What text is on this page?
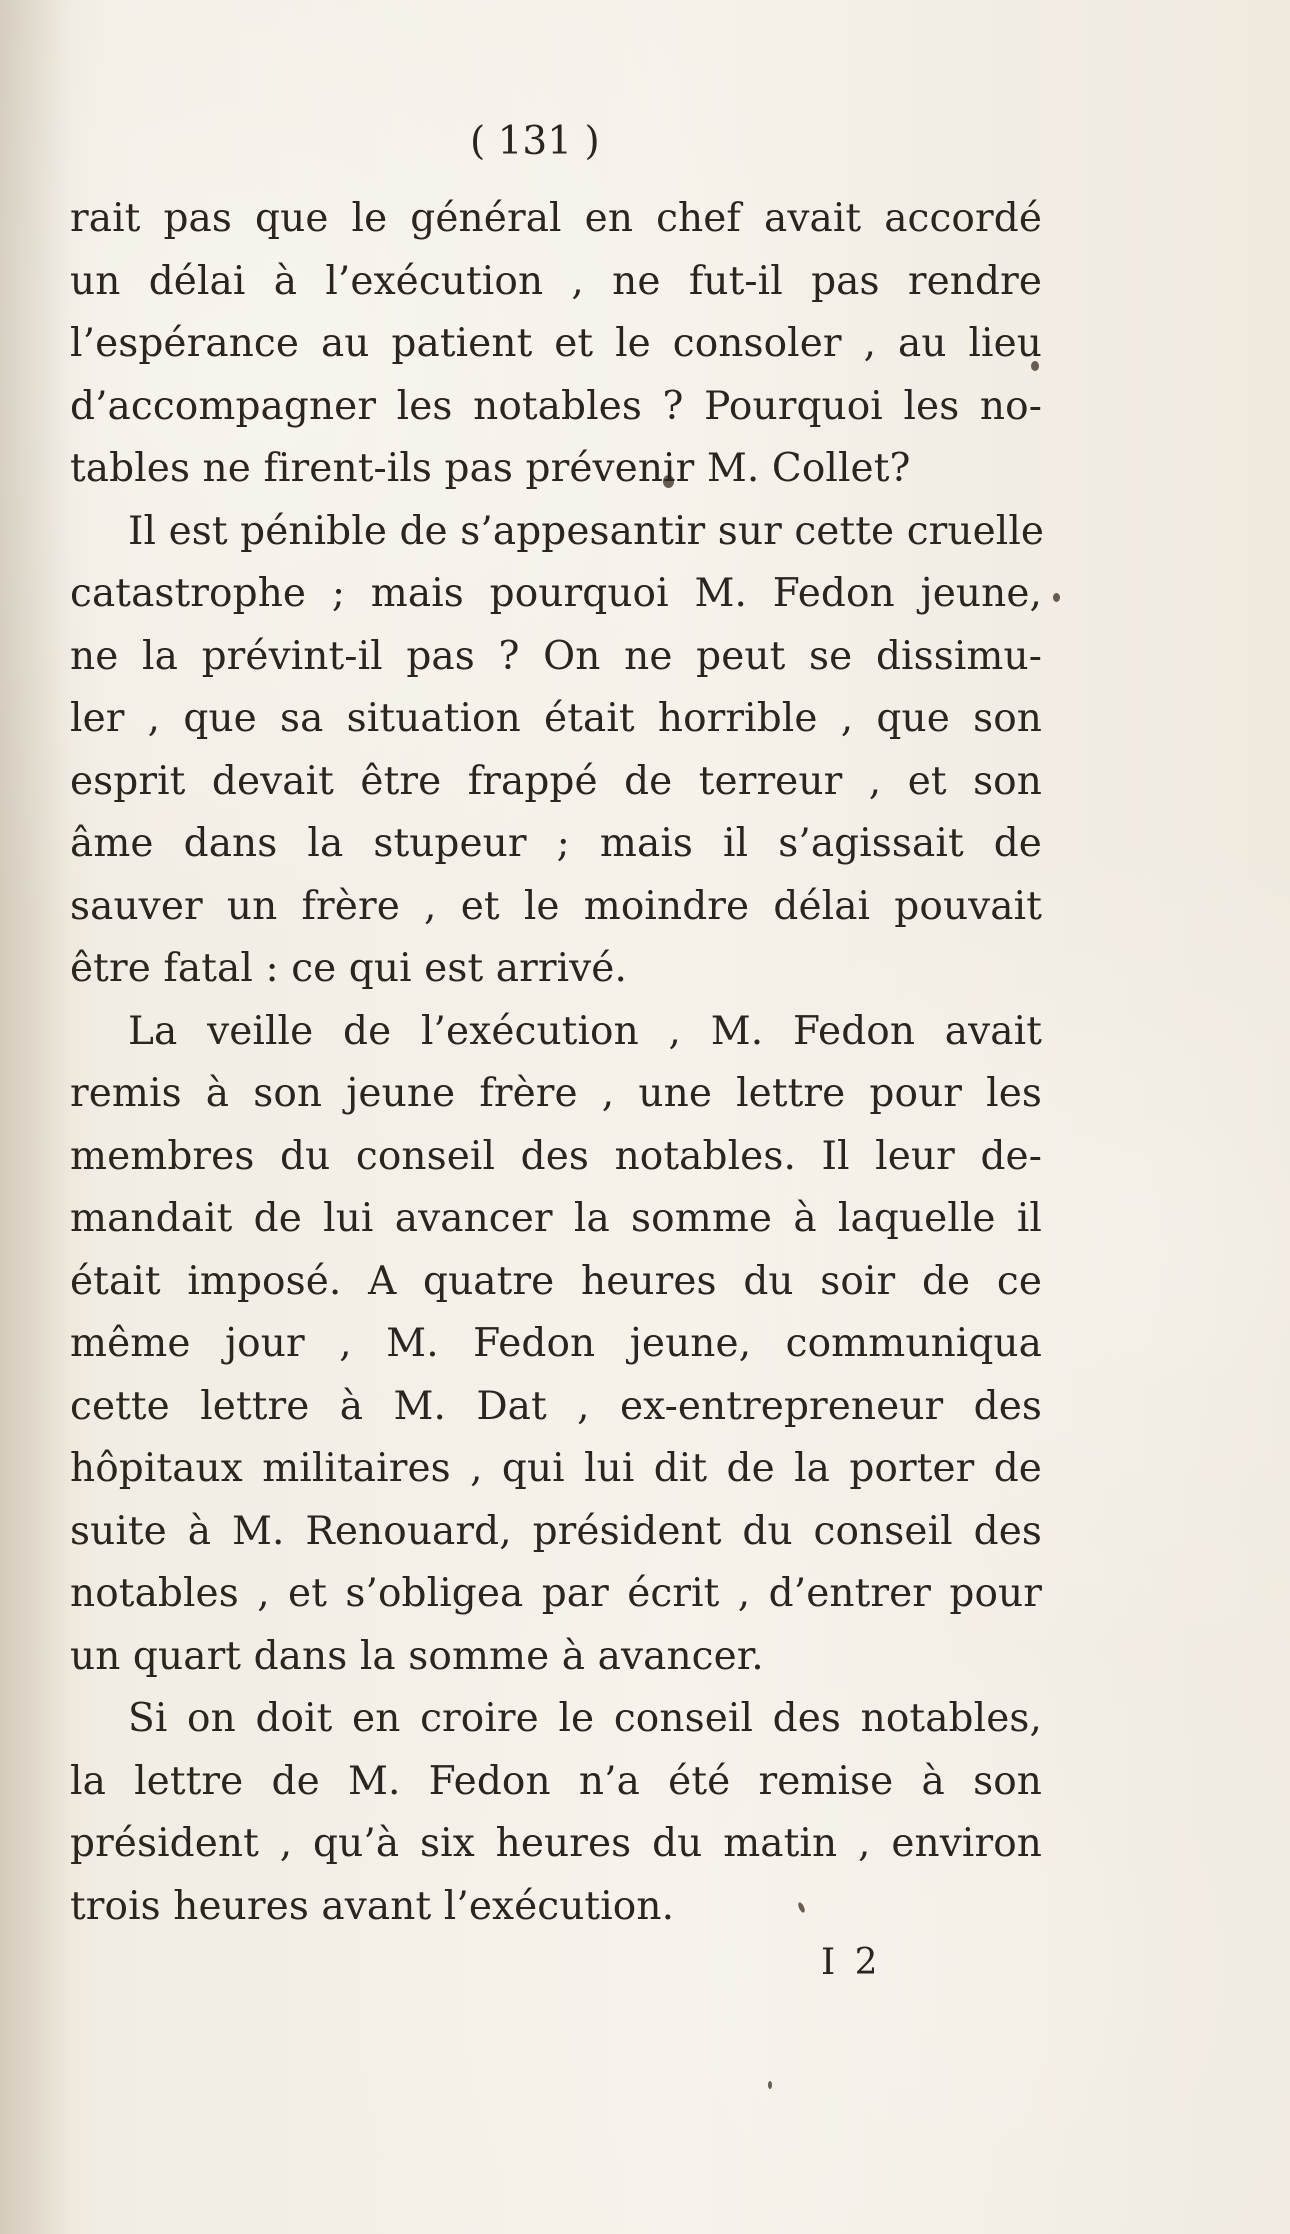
( 131 )
rait pas que le général en chef avait accordé
un délai à l’exécution , ne fut-il pas rendre
l’espérance au patient et le consoler , au lieu
d’accompagner les notables ? Pourquoi les no-
tables ne firent-ils pas prévenir M. Collet?
Il est pénible de s’appesantir sur cette cruelle
catastrophe ; mais pourquoi M. Fedon jeune,
ne la prévint-il pas ? On ne peut se dissimu-
ler , que sa situation était horrible , que son
esprit devait être frappé de terreur , et son
âme dans la stupeur ; mais il s’agissait de
sauver un frère , et le moindre délai pouvait
être fatal : ce qui est arrivé.
La veille de l’exécution , M. Fedon avait
remis à son jeune frère , une lettre pour les
membres du conseil des notables. Il leur de-
mandait de lui avancer la somme à laquelle il
était imposé. A quatre heures du soir de ce
même jour , M. Fedon jeune, communiqua
cette lettre à M. Dat , ex-entrepreneur des
hôpitaux militaires , qui lui dit de la porter de
suite à M. Renouard, président du conseil des
notables , et s’obligea par écrit , d’entrer pour
un quart dans la somme à avancer.
Si on doit en croire le conseil des notables,
la lettre de M. Fedon n’a été remise à son
président , qu’à six heures du matin , environ
trois heures avant l’exécution.
I 2
